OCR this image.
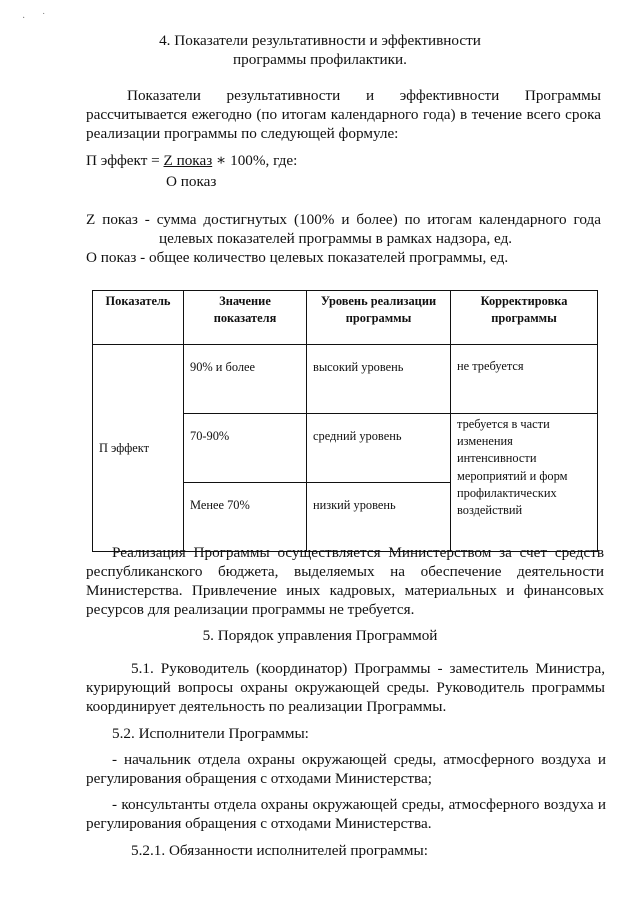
· ˙
4. Показатели результативности и эффективности
программы профилактики.
Показатели результативности и эффективности Программы
рассчитывается ежегодно (по итогам календарного года) в течение всего срока
реализации программы по следующей формуле:
П эффект = Z показ ∗ 100%, где:
О показ
Z показ - сумма достигнутых (100% и более) по итогам календарного года
целевых показателей программы в рамках надзора, ед.
О показ - общее количество целевых показателей программы, ед.
Показатель	Значение показателя	Уровень реализации программы	Корректировка программы
П эффект	90% и более	высокий уровень	не требуется
	70-90%	средний уровень	требуется в части изменения интенсивности мероприятий и форм профилактических воздействий
	Менее 70%	низкий уровень	
Реализация Программы осуществляется Министерством за счет средств
республиканского бюджета, выделяемых на обеспечение деятельности
Министерства. Привлечение иных кадровых, материальных и финансовых
ресурсов для реализации программы не требуется.
5. Порядок управления Программой
5.1. Руководитель (координатор) Программы - заместитель Министра,
курирующий вопросы охраны окружающей среды. Руководитель программы
координирует деятельность по реализации Программы.
5.2. Исполнители Программы:
- начальник отдела охраны окружающей среды, атмосферного воздуха и
регулирования обращения с отходами Министерства;
- консультанты отдела охраны окружающей среды, атмосферного воздуха и
регулирования обращения с отходами Министерства.
5.2.1. Обязанности исполнителей программы:
